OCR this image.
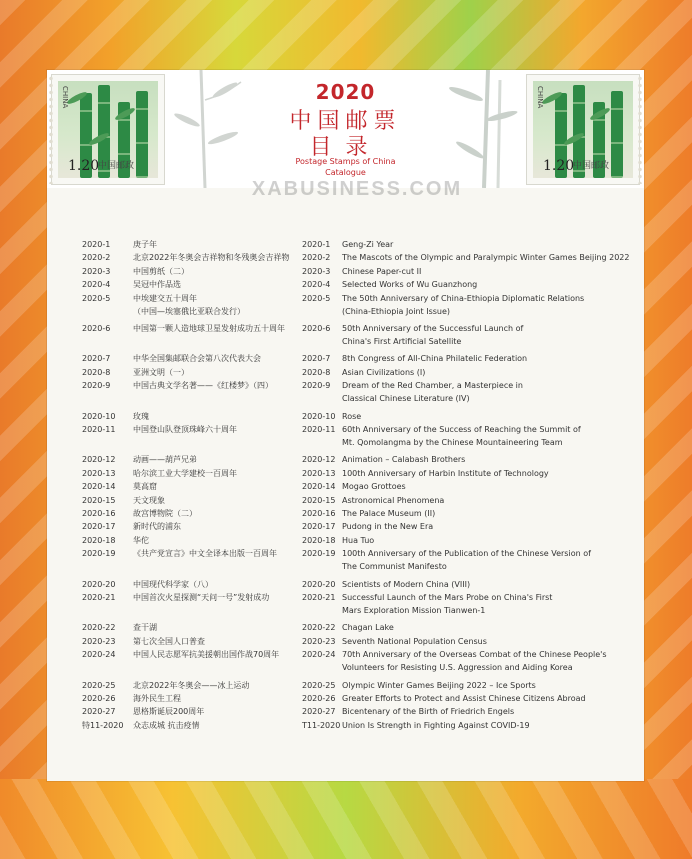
CHINA
1.20
中国邮政
2020
中国邮票
目录
Postage Stamps of China
Catalogue
CHINA
1.20
中国邮政
XABUSINESS.COM
2020-1	庚子年	2020-1 Geng-Zi Year
2020-2	北京2022年冬奥会吉祥物和冬残奥会吉祥物 2020-2 The Mascots of the Olympic and Paralympic Winter Games Beijing 2022
2020-3	中国剪纸（二）	2020-3 Chinese Paper-cut II
2020-4	吴冠中作品选	2020-4 Selected Works of Wu Guanzhong
2020-5	中埃建交五十周年
（中国—埃塞俄比亚联合发行）
2020-5 The 50th Anniversary of China-Ethiopia Diplomatic Relations
(China-Ethiopia Joint Issue)
2020-6	中国第一颗人造地球卫星发射成功五十周年 2020-6 50th Anniversary of the Successful Launch of
China's First Artificial Satellite
2020-7	中华全国集邮联合会第八次代表大会	2020-7 8th Congress of All-China Philatelic Federation
2020-8	亚洲文明（一）	2020-8 Asian Civilizations (I)
2020-9	中国古典文学名著——《红楼梦》（四）	2020-9 Dream of the Red Chamber, a Masterpiece in
Classical Chinese Literature (IV)
2020-10 玫瑰	2020-10 Rose
2020-11 中国登山队登顶珠峰六十周年	2020-11 60th Anniversary of the Success of Reaching the Summit of
Mt. Qomolangma by the Chinese Mountaineering Team
2020-12 动画——葫芦兄弟	2020-12 Animation – Calabash Brothers
2020-13 哈尔滨工业大学建校一百周年	2020-13 100th Anniversary of Harbin Institute of Technology
2020-14 莫高窟	2020-14 Mogao Grottoes
2020-15 天文现象	2020-15 Astronomical Phenomena
2020-16 故宫博物院（二）	2020-16 The Palace Museum (II)
2020-17 新时代的浦东	2020-17 Pudong in the New Era
2020-18 华佗	2020-18 Hua Tuo
2020-19 《共产党宣言》中文全译本出版一百周年	2020-19 100th Anniversary of the Publication of the Chinese Version of
The Communist Manifesto
2020-20 中国现代科学家（八）	2020-20 Scientists of Modern China (VIII)
2020-21 中国首次火星探测“天问一号”发射成功	2020-21 Successful Launch of the Mars Probe on China's First
Mars Exploration Mission Tianwen-1
2020-22 查干湖	2020-22 Chagan Lake
2020-23 第七次全国人口普查	2020-23 Seventh National Population Census
2020-24 中国人民志愿军抗美援朝出国作战70周年	2020-24 70th Anniversary of the Overseas Combat of the Chinese People's
Volunteers for Resisting U.S. Aggression and Aiding Korea
2020-25 北京2022年冬奥会——冰上运动	2020-25 Olympic Winter Games Beijing 2022 – Ice Sports
2020-26 海外民生工程	2020-26 Greater Efforts to Protect and Assist Chinese Citizens Abroad
2020-27 恩格斯诞辰200周年	2020-27 Bicentenary of the Birth of Friedrich Engels
特11-2020 众志成城 抗击疫情	T11-2020 Union Is Strength in Fighting Against COVID-19
